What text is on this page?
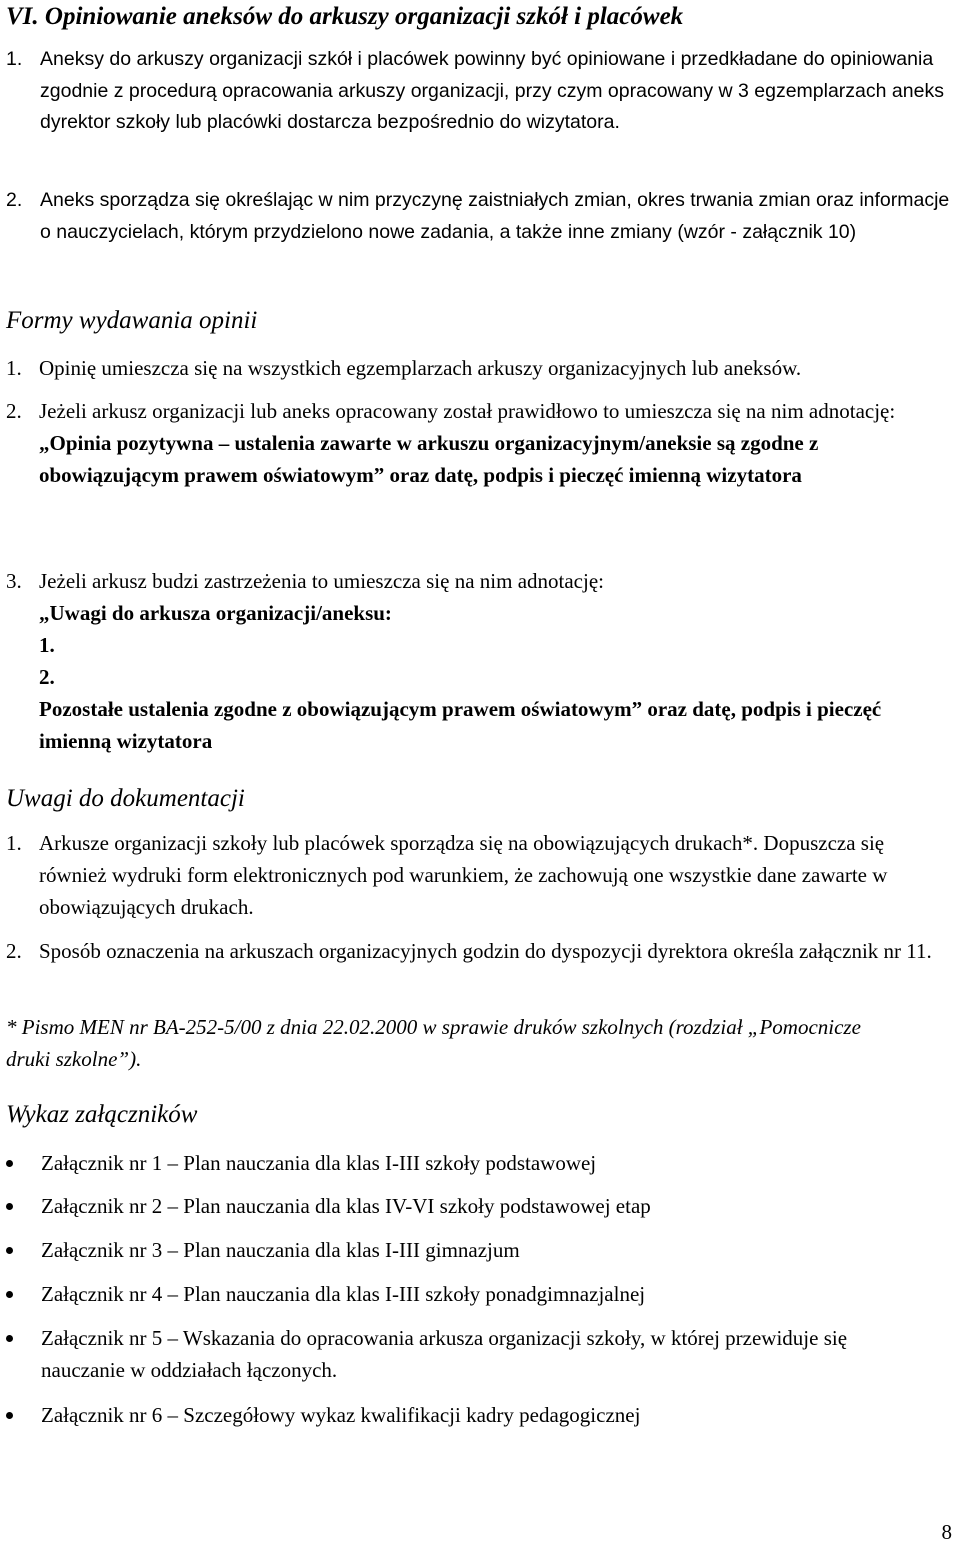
VI. Opiniowanie aneksów do arkuszy organizacji szkół i placówek
1. Aneksy do arkuszy organizacji szkół i placówek powinny być opiniowane i przedkładane do opiniowania zgodnie z procedurą opracowania arkuszy organizacji, przy czym opracowany w 3 egzemplarzach aneks dyrektor szkoły lub placówki dostarcza bezpośrednio do wizytatora.
2. Aneks sporządza się określając w nim przyczynę zaistniałych zmian, okres trwania zmian oraz informacje o nauczycielach, którym przydzielono nowe zadania, a także inne zmiany (wzór - załącznik 10)
Formy wydawania opinii
1. Opinię umieszcza się na wszystkich egzemplarzach arkuszy organizacyjnych lub aneksów.
2. Jeżeli arkusz organizacji lub aneks opracowany został prawidłowo to umieszcza się na nim adnotację:
„Opinia pozytywna – ustalenia zawarte w arkuszu organizacyjnym/aneksie są zgodne z obowiązującym prawem oświatowym” oraz datę, podpis i pieczęć imienną wizytatora
3. Jeżeli arkusz budzi zastrzeżenia to umieszcza się na nim adnotację:
„Uwagi do arkusza organizacji/aneksu:
1.
2.
Pozostałe ustalenia zgodne z obowiązującym prawem oświatowym” oraz datę, podpis i pieczęć imienną wizytatora
Uwagi do dokumentacji
1. Arkusze organizacji szkoły lub placówek sporządza się na obowiązujących drukach*. Dopuszcza się również wydruki form elektronicznych pod warunkiem, że zachowują one wszystkie dane zawarte w obowiązujących drukach.
2. Sposób oznaczenia na arkuszach organizacyjnych godzin do dyspozycji dyrektora określa załącznik nr 11.
* Pismo MEN nr BA-252-5/00 z dnia 22.02.2000 w sprawie druków szkolnych (rozdział „Pomocnicze druki szkolne”).
Wykaz załączników
Załącznik nr 1 – Plan nauczania dla klas I-III szkoły podstawowej
Załącznik nr 2 – Plan nauczania dla klas IV-VI szkoły podstawowej etap
Załącznik nr 3 – Plan nauczania dla klas I-III gimnazjum
Załącznik nr 4 – Plan nauczania dla klas I-III szkoły ponadgimnazjalnej
Załącznik nr 5 – Wskazania do opracowania arkusza organizacji szkoły, w której przewiduje się nauczanie w oddziałach łączonych.
Załącznik nr 6 – Szczegółowy wykaz kwalifikacji kadry pedagogicznej
8
